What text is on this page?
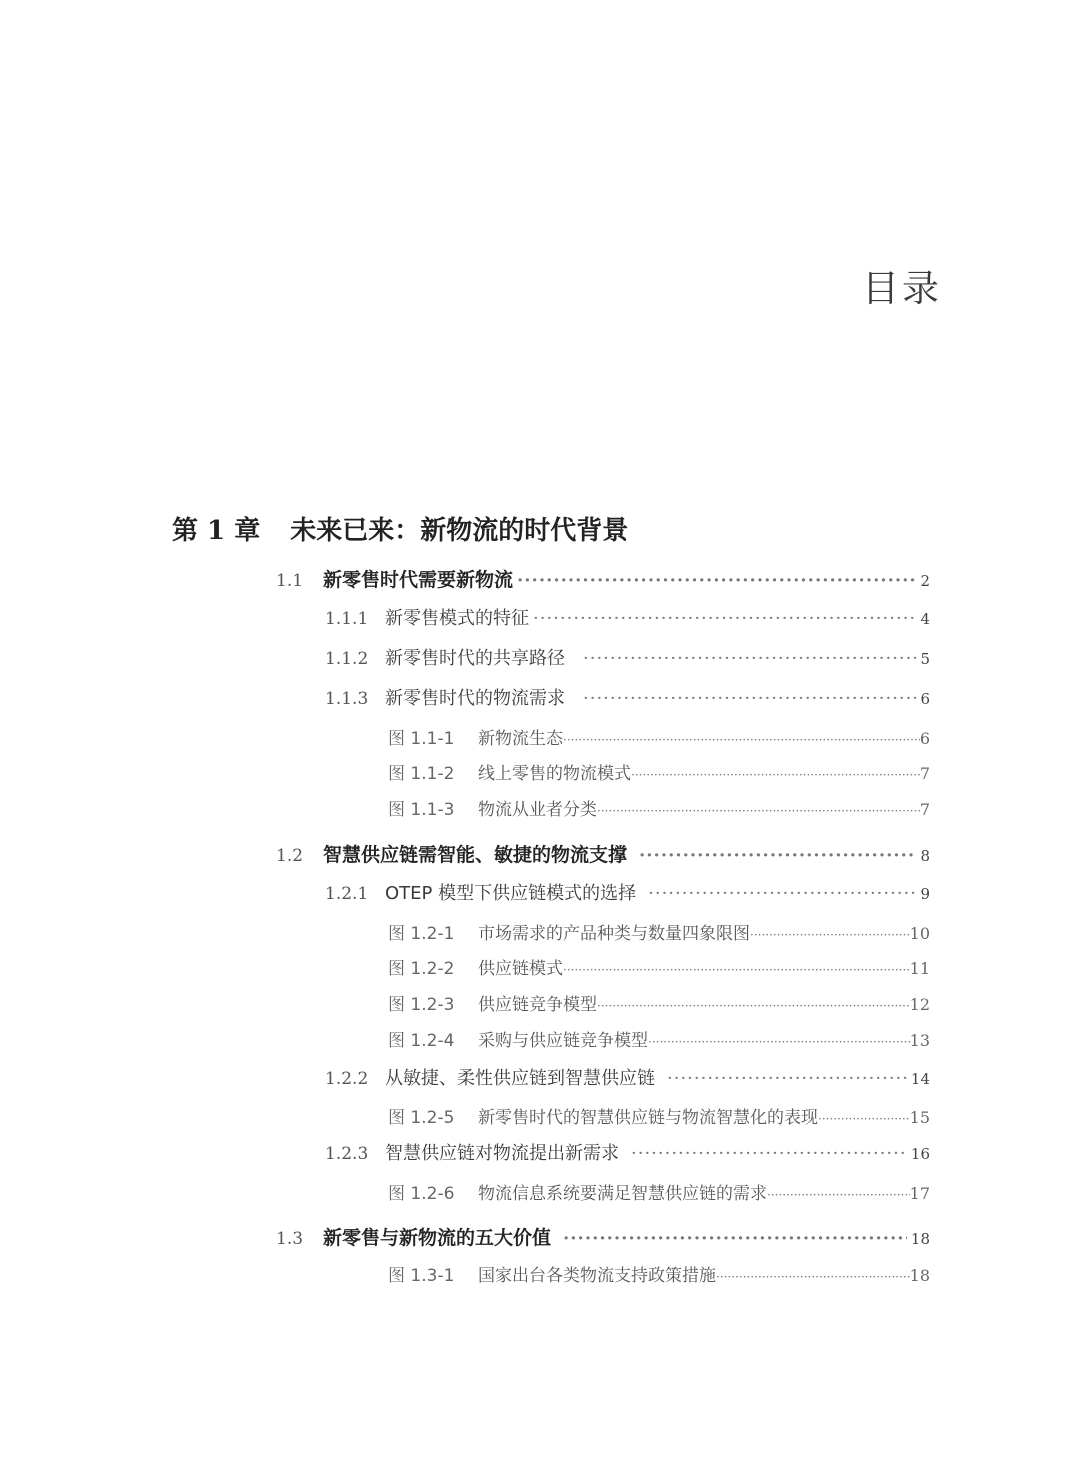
目录
第 1 章 未来已来：新物流的时代背景
1.1	新零售时代需要新物流 ·····	2
1.1.1 新零售模式的特征 ·····	4
1.1.2 新零售时代的共享路径 ·····	5
1.1.3 新零售时代的物流需求 ·····	6
图 1.1-1	新物流生态 ·····	6
图 1.1-2	线上零售的物流模式 ·····	7
图 1.1-3	物流从业者分类 ·····	7
1.2	智慧供应链需智能、敏捷的物流支撑 ·····	8
1.2.1 OTEP 模型下供应链模式的选择 ·····	9
图 1.2-1	市场需求的产品种类与数量四象限图 ·····	10
图 1.2-2	供应链模式 ·····	11
图 1.2-3	供应链竞争模型 ·····	12
图 1.2-4	采购与供应链竞争模型 ·····	13
1.2.2 从敏捷、柔性供应链到智慧供应链 ·····	14
图 1.2-5	新零售时代的智慧供应链与物流智慧化的表现 ·····	15
1.2.3 智慧供应链对物流提出新需求 ·····	16
图 1.2-6	物流信息系统要满足智慧供应链的需求 ·····	17
1.3	新零售与新物流的五大价值 ·····	18
图 1.3-1	国家出台各类物流支持政策措施 ·····	18
